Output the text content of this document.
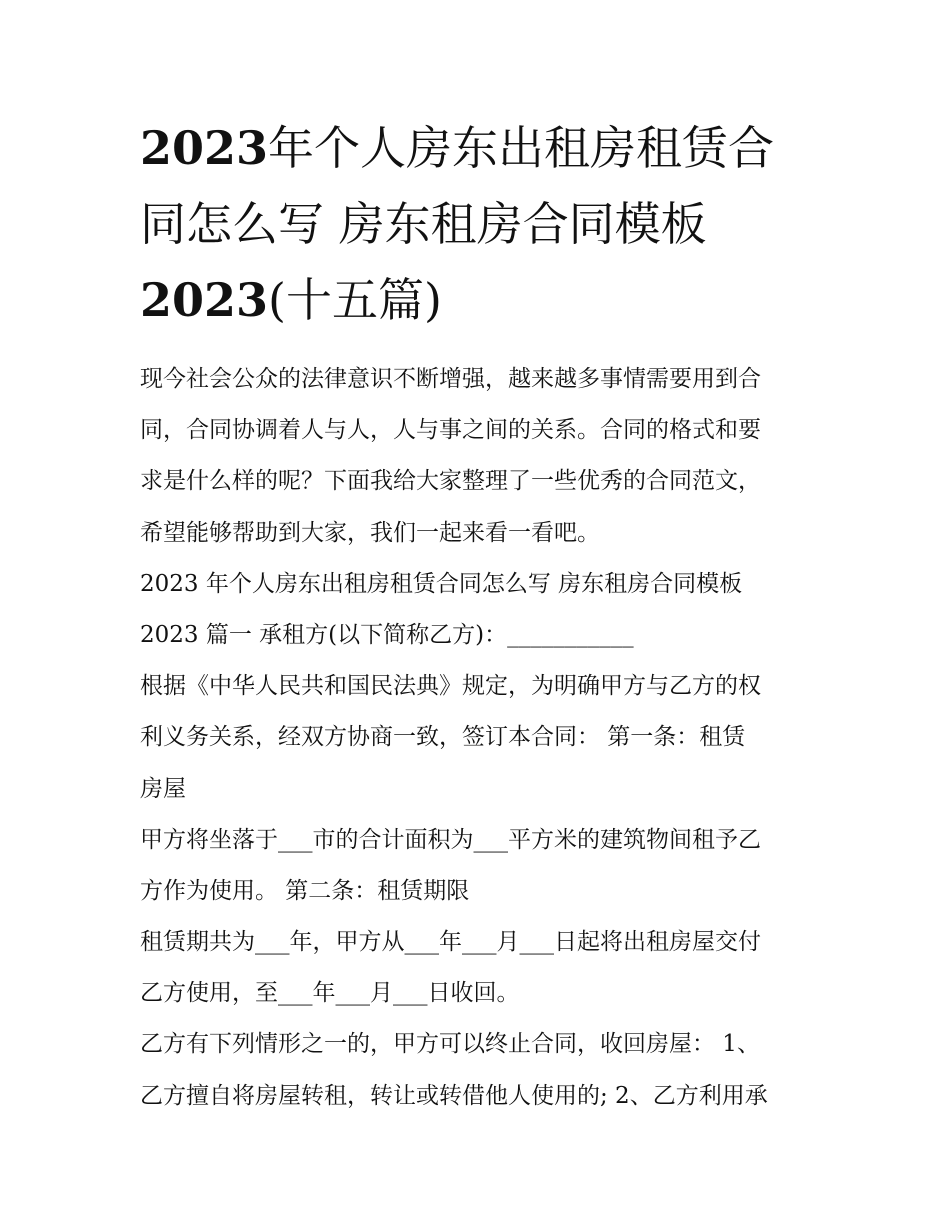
2023年个人房东出租房租赁合
同怎么写 房东租房合同模板
2023(十五篇)
现今社会公众的法律意识不断增强，越来越多事情需要用到合
同，合同协调着人与人，人与事之间的关系。合同的格式和要
求是什么样的呢？下面我给大家整理了一些优秀的合同范文，
希望能够帮助到大家，我们一起来看一看吧。
2023 年个人房东出租房租赁合同怎么写 房东租房合同模板
2023 篇一 承租方(以下简称乙方)：___________
根据《中华人民共和国民法典》规定，为明确甲方与乙方的权
利义务关系，经双方协商一致，签订本合同： 第一条：租赁
房屋
甲方将坐落于___市的合计面积为___平方米的建筑物间租予乙
方作为使用。 第二条：租赁期限
租赁期共为___年，甲方从___年___月___日起将出租房屋交付
乙方使用，至___年___月___日收回。
乙方有下列情形之一的，甲方可以终止合同，收回房屋： 1、
乙方擅自将房屋转租，转让或转借他人使用的; 2、乙方利用承
